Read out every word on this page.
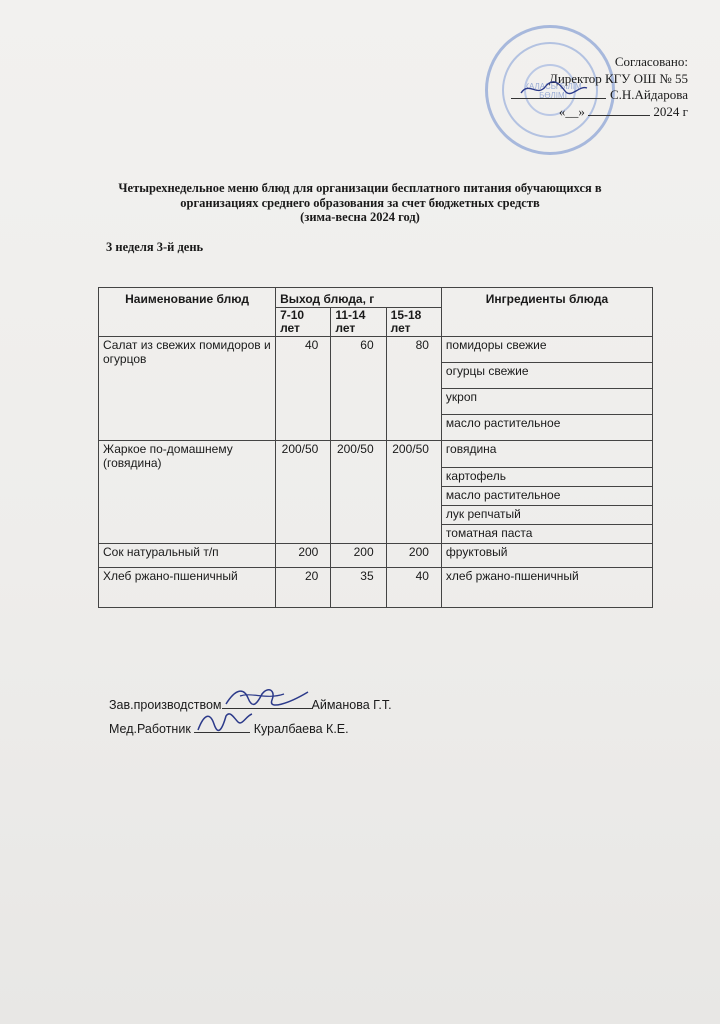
КАЛАСЫ БІЛІМ БӨЛІМІ
Согласовано:
Директор КГУ ОШ № 55
С.Н.Айдарова
«__»	2024 г
Четырехнедельное меню блюд для организации бесплатного питания обучающихся в
организациях среднего образования за счет бюджетных средств
(зима-весна 2024 год)
3 неделя 3-й день
Наименование блюд	Выход блюда, г			Ингредиенты блюда
	7-10 лет	11-14 лет	15-18 лет	
Салат из свежих помидоров и огурцов	40	60	80	помидоры свежие
				огурцы свежие
				укроп
				масло растительное
Жаркое по-домашнему (говядина)	200/50	200/50	200/50	говядина
				картофель
				масло растительное
				лук репчатый
				томатная паста
Сок натуральный т/п	200	200	200	фруктовый
Хлеб ржано-пшеничный	20	35	40	хлеб ржано-пшеничный
Зав.производством	Айманова Г.Т.
Мед.Работник	Куралбаева К.Е.
